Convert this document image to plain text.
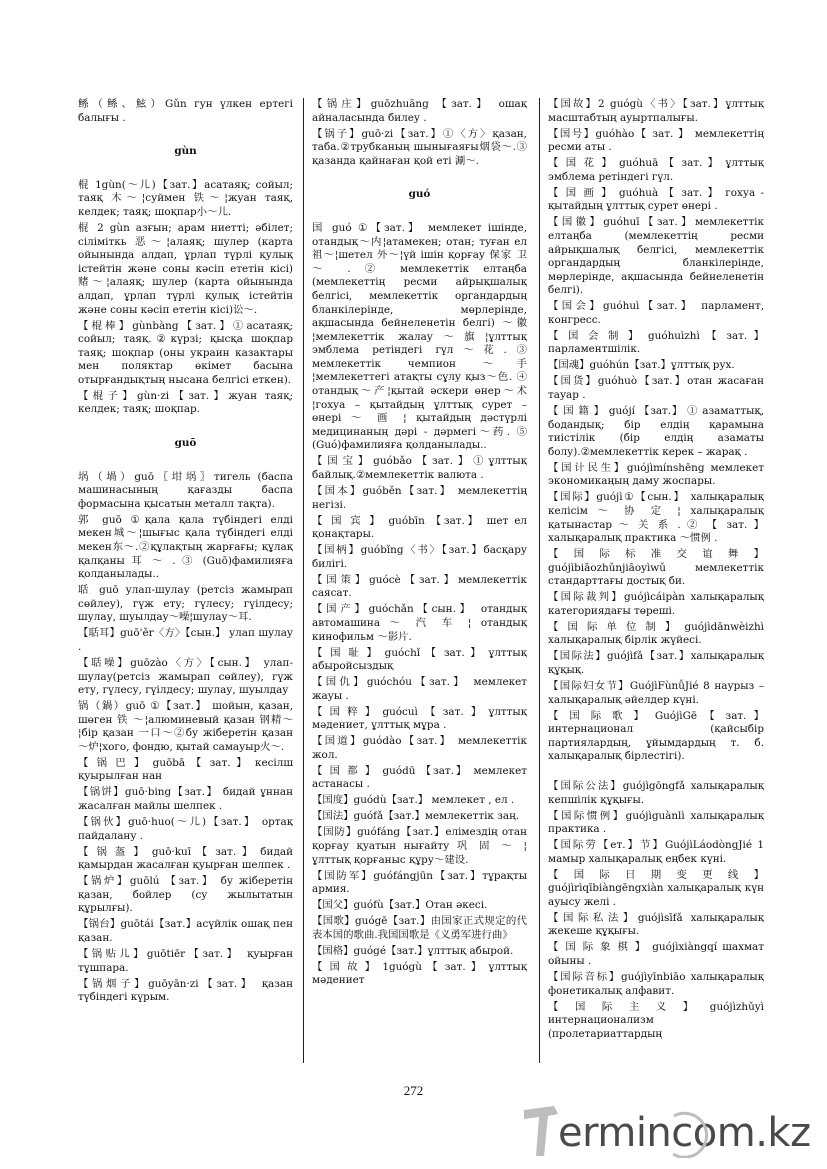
鲧（鲧、鮌）Gǔn гун үлкен ертегі балығы .
gùn
棍 1gùn(～儿)【зат.】асатаяқ; сойыл; таяқ 木～¦суймен 铁～¦жуан таяқ, келдек; таяқ; шоқпар小～儿.
棍 2 gùn азғын; арам ниетті; әбілет; сіліміткь 恶～¦алаяқ; шулер (карта ойынында алдап, ұрлап түрлі қулық істейтін және соны кәсіп ететін кісі) 赌～¦алаяқ; шулер (карта ойынында алдап, ұрлап түрлі қулық істейтін және соны кәсіп ететін кісі)讼～.
【棍棒】gùnbàng【зат.】①асатаяқ; сойыл; таяқ.②күрзі; қысқа шоқпар таяқ; шоқпар (оны украин казактары мен поляктар өкімет басына отырғандықтың нысана белгісі еткен).
【棍子】gùn·zi【зат.】жуан таяқ; келдек; таяқ; шоқпар.
guō
埚（堝）guō〖坩埚〗тигель (баспа машинасының қағазды баспа формасына қысатын металл тақта).
郭 guō ①қала қала түбіндегі елді мекен城～¦шығыс қала түбіндегі елді мекен东～.②құлақтың жарғағы; құлақ қалқаны 耳 ～ . ③ (Guō)фамилияға қолданылады..
聒 guō улап-шулау (ретсіз жамырап сөйлеу), гүж ету; гүлесу; гүілдесу; шулау, шуылдау～噪¦шулау～耳.
【聒耳】guō'ěr〈方〉【сын.】 улап шулау .
【聒噪】guōzào〈方〉【сын.】 улап-шулау(ретсіз жамырап сөйлеу), гүж ету, гүлесу, гүілдесу; шулау, шуылдау
锅（鍋）guō ①【зат.】 шойын, қазан, шөген 铁 ～¦алюминевый қазан 钢精～¦бір қазан 一口～②бу жіберетін қазан ～炉¦хого, фондю, қытай самауыр火～.
【 锅 巴 】 guōbā 【 зат. 】 кесілш қуырылған нан
【锅饼】guō·bing【зат.】 бидай ұннан жасалған майлы шелпек .
【锅伙】guō·huo(～儿)【зат.】 ортақ пайдалану .
【 锅 盔 】 guō·kuī 【 зат. 】 бидай қамырдан жасалған қуырған шелпек .
【锅炉】guōlú 【зат.】 бу жіберетін қазан, бойлер (су жылытатын құрылғы).
【锅台】guōtái【зат.】асүйлік ошақ пен қазан.
【锅贴儿】guōtiēr【зат.】 қуырған тұшпара.
【锅烟子】guōyān·zi【зат.】 қазан түбіндегі күрым.
【锅庄】guōzhuāng 【зат.】 ошақ айналасында билеу .
【锅子】guō·zi【зат.】①〈方〉қазан, таба.②трубканың шынығаяғы烟袋～.③ қазанда қайнаған қой еті 涮～.
guó
国 guó ①【зат.】 мемлекет ішінде, отандық～内¦атамекен; отан; туған ел 祖～¦шетел 外～¦үй ішін қорғау 保家 卫 ～ . ② мемлекеттік елтаңба (мемлекеттің ресми айрықшалық белгісі, мемлекеттік органдардың бланкілерінде, мөрлерінде, ақшасында бейнеленетін белгі) ～徽¦мемлекеттік жалау～旗¦ұлттық эмблема ретіндегі гүл～花.③ мемлекеттік чемпион ～手¦мемлекеттегі атақты сұлу қыз～色. ④ отандық～产¦қытай әскери өнер～术¦гохуа – қытайдың ұлттық сурет – өнері ～ 画 ¦ қытайдың дәстүрлі медицинаның дәрі - дәрмегі～药. ⑤ (Guó)фамилияға қолданылады..
【国宝】guóbǎo【зат.】①ұлттық байлық.②мемлекеттік валюта .
【国本】guóběn【зат.】 мемлекеттің негізі.
【 国 宾 】 guóbīn 【зат.】 шет ел қонақтары.
【国柄】guóbǐng〈书〉【зат.】басқару билігі.
【国策】guócè【зат.】мемлекеттік саясат.
【国产】guóchǎn【сын.】 отандық автомашина ～ 汽 车 ¦ отандық кинофильм ～影片.
【 国 耻 】 guóchǐ 【 зат. 】 ұлттық абыройсыздық
【国仇】guóchóu【зат.】 мемлекет жауы .
【国粹】guócuì【зат.】ұлттық мәдениет, ұлттық мұра .
【国道】guódào【зат.】 мемлекеттік жол.
【 国 都 】 guódū 【зат.】 мемлекет астанасы .
【国度】guódù【зат.】 мемлекет , ел .
【国法】guófǎ【зат.】мемлекеттік заң.
【国防】guófáng【зат.】елімездің отан қорғау қуатын нығайту 巩 固 ～ ¦ ұлттық қорғаныс құру～建设.
【国防军】guófángjūn【зат.】тұрақты армия.
【国父】guófù【зат.】Отан әкесі.
【国歌】guógē【зат.】由国家正式规定的代表本国的歌曲.我国国歌是《义勇军进行曲》
【国格】guógé【зат.】ұлттық абырой.
【 国 故 】 1guógù 【 зат. 】 ұлттық мәдениет
【国故】2 guógù〈书〉【зат.】ұлттық масштабтың ауыртпалығы.
【国号】guóhào【 зат. 】 мемлекеттің ресми аты .
【 国 花 】 guóhuā 【 зат. 】 ұлттық эмблема ретіндегі гүл.
【 国 画 】 guóhuà 【 зат. 】 гохуа - қытайдың ұлттық сурет өнері .
【国徽】guóhuī【зат.】мемлекеттік елтаңба (мемлекеттің ресми айрықшалық белгісі, мемлекеттік органдардың бланкілерінде, мөрлерінде, ақшасында бейнеленетін белгі).
【国会】guóhuì【зат.】 парламент, конгресс.
【 国 会 制 】 guóhuìzhì 【 зат. 】 парламентшілік.
【国魂】guóhún【зат.】ұлттық рух.
【国货】guóhuò【зат.】отан жасаған тауар .
【 国 籍 】 guójí 【зат.】 ① азаматтық, бодандық; бір елдің қарамына тиістілік (бір елдің азаматы болу).②мемлекеттік керек – жарақ .
【国计民生】guójìmínshēng мемлекет экономикаңың даму жоспары.
【国际】guójì①【сын.】 халықаралық келісім ～ 协 定 ¦ халықаралық қатынастар ～ 关 系 . ② 【 зат. 】 халықаралық практика ～惯例 .
【 国 际 标 准 交 谊 舞 】 guójìbiāozhǔnjiāoyìwǔ мемлекеттік стандарттағы достық би.
【国际裁判】guójìcáipàn халықаралық категориядағы төреші.
【 国 际 单 位 制 】 guójìdānwèizhì халықаралық бірлік жүйесі.
【国际法】guójìfǎ【зат.】халықаралық құқық.
【国际妇女节】GuójìFùnǚJié 8 наурыз – халықаралық әйелдер күні.
【 国 际 歌 】 GuójìGē 【 зат. 】 интернационал (қайсыбір партиялардың, ұйымдардың т. б. халықаралық бірлестігі).
【国际公法】guójìgōngfǎ халықаралық кепшілік құқығы.
【国际惯例】guójìguànlì халықаралық практика .
【国际劳【ет.】节】GuójìLáodòngJié 1 мамыр халықаралық еңбек күні.
【 国 际 日 期 变 更 线 】 guójìrìqībiàngēngxiàn халықаралық күн ауысу желі .
【国际私法】guójìsīfǎ халықаралық жекеше құқығы.
【 国 际 象 棋 】 guójìxiàngqí шахмат ойыны .
【国际音标】guójìyīnbiāo халықаралық фонетикалық алфавит.
【 国 际 主 义 】 guójìzhǔyì интернационализм (пролетариаттардың
272
ermincom.kz
